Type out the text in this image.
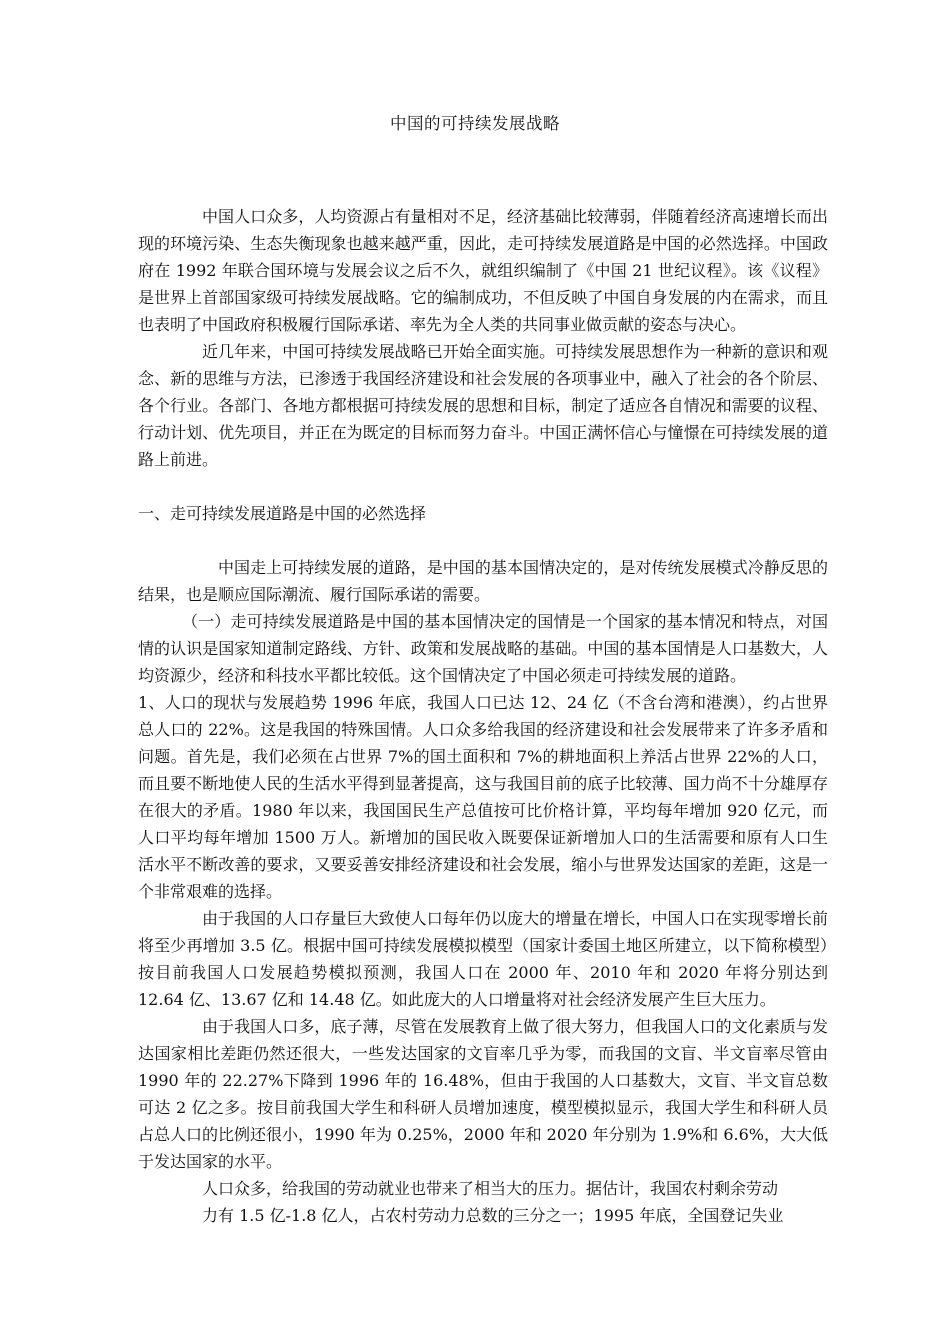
中国的可持续发展战略

中国人口众多，人均资源占有量相对不足，经济基础比较薄弱，伴随着经济高速增长而出现的环境污染、生态失衡现象也越来越严重，因此，走可持续发展道路是中国的必然选择。中国政府在 1992 年联合国环境与发展会议之后不久，就组织编制了《中国 21 世纪议程》。该《议程》是世界上首部国家级可持续发展战略。它的编制成功，不但反映了中国自身发展的内在需求，而且也表明了中国政府积极履行国际承诺、率先为全人类的共同事业做贡献的姿态与决心。

近几年来，中国可持续发展战略已开始全面实施。可持续发展思想作为一种新的意识和观念、新的思维与方法，已渗透于我国经济建设和社会发展的各项事业中，融入了社会的各个阶层、各个行业。各部门、各地方都根据可持续发展的思想和目标，制定了适应各自情况和需要的议程、行动计划、优先项目，并正在为既定的目标而努力奋斗。中国正满怀信心与憧憬在可持续发展的道路上前进。

一、走可持续发展道路是中国的必然选择

中国走上可持续发展的道路，是中国的基本国情决定的，是对传统发展模式冷静反思的结果，也是顺应国际潮流、履行国际承诺的需要。

（一）走可持续发展道路是中国的基本国情决定的国情是一个国家的基本情况和特点，对国情的认识是国家知道制定路线、方针、政策和发展战略的基础。中国的基本国情是人口基数大，人均资源少，经济和科技水平都比较低。这个国情决定了中国必须走可持续发展的道路。

1、人口的现状与发展趋势 1996 年底，我国人口已达 12、24 亿（不含台湾和港澳），约占世界总人口的 22%。这是我国的特殊国情。人口众多给我国的经济建设和社会发展带来了许多矛盾和问题。首先是，我们必须在占世界 7%的国土面积和 7%的耕地面积上养活占世界 22%的人口，而且要不断地使人民的生活水平得到显著提高，这与我国目前的底子比较薄、国力尚不十分雄厚存在很大的矛盾。1980 年以来，我国国民生产总值按可比价格计算，平均每年增加 920 亿元，而人口平均每年增加 1500 万人。新增加的国民收入既要保证新增加人口的生活需要和原有人口生活水平不断改善的要求，又要妥善安排经济建设和社会发展，缩小与世界发达国家的差距，这是一个非常艰难的选择。

由于我国的人口存量巨大致使人口每年仍以庞大的增量在增长，中国人口在实现零增长前将至少再增加 3.5 亿。根据中国可持续发展模拟模型（国家计委国土地区所建立，以下简称模型）按目前我国人口发展趋势模拟预测，我国人口在 2000 年、2010 年和 2020 年将分别达到 12.64 亿、13.67 亿和 14.48 亿。如此庞大的人口增量将对社会经济发展产生巨大压力。

由于我国人口多，底子薄，尽管在发展教育上做了很大努力，但我国人口的文化素质与发达国家相比差距仍然还很大，一些发达国家的文盲率几乎为零，而我国的文盲、半文盲率尽管由 1990 年的 22.27%下降到 1996 年的 16.48%，但由于我国的人口基数大，文盲、半文盲总数可达 2 亿之多。按目前我国大学生和科研人员增加速度，模型模拟显示，我国大学生和科研人员占总人口的比例还很小，1990 年为 0.25%，2000 年和 2020 年分别为 1.9%和 6.6%，大大低于发达国家的水平。

人口众多，给我国的劳动就业也带来了相当大的压力。据估计，我国农村剩余劳动

力有 1.5 亿-1.8 亿人，占农村劳动力总数的三分之一；1995 年底，全国登记失业
